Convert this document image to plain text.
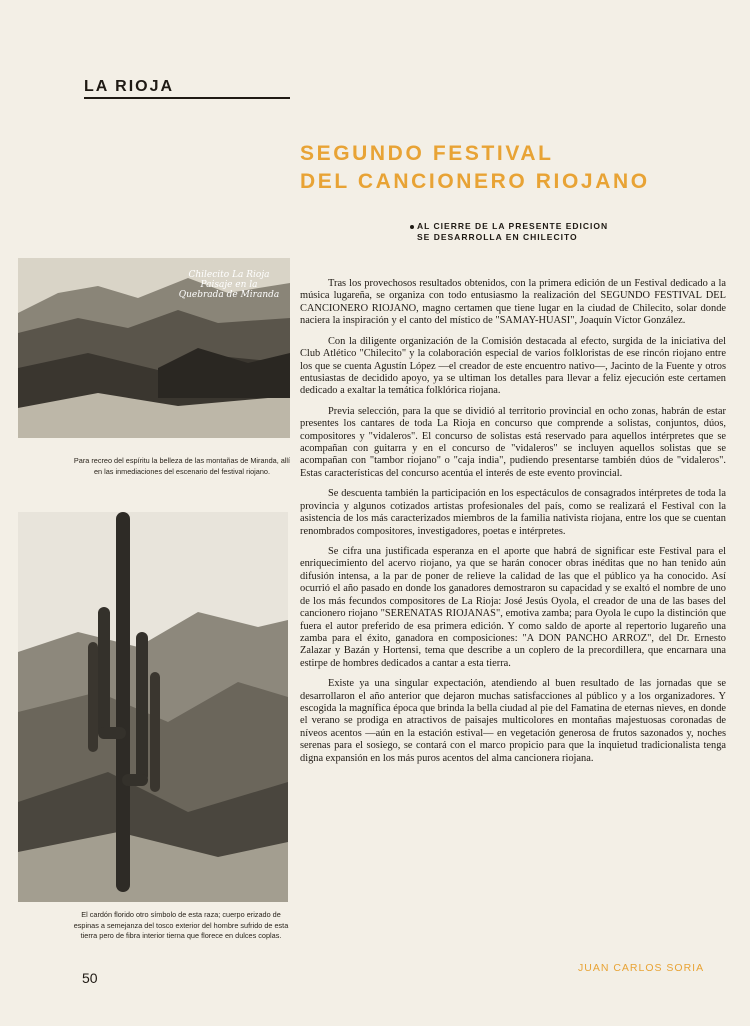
LA RIOJA
SEGUNDO FESTIVAL
DEL CANCIONERO RIOJANO
AL CIERRE DE LA PRESENTE EDICION
SE DESARROLLA EN CHILECITO
Chilecito La Rioja
Paisaje en la
Quebrada de Miranda
Para recreo del espíritu la belleza de las montañas de Miranda, allí en las inmediaciones del escenario del festival riojano.
El cardón florido otro símbolo de esta raza; cuerpo erizado de espinas a semejanza del tosco exterior del hombre sufrido de esta tierra pero de fibra interior tierna que florece en dulces coplas.

Tras los provechosos resultados obtenidos, con la primera edición de un Festival dedicado a la música lugareña, se organiza con todo entusiasmo la realización del SEGUNDO FESTIVAL DEL CANCIONERO RIOJANO, magno certamen que tiene lugar en la ciudad de Chilecito, solar donde naciera la inspiración y el canto del místico de "SAMAY-HUASI", Joaquín Víctor González.

Con la diligente organización de la Comisión destacada al efecto, surgida de la iniciativa del Club Atlético "Chilecito" y la colaboración especial de varios folkloristas de ese rincón riojano entre los que se cuenta Agustín López —el creador de este encuentro nativo—, Jacinto de la Fuente y otros entusiastas de decidido apoyo, ya se ultiman los detalles para llevar a feliz ejecución este certamen dedicado a exaltar la temática folklórica riojana.

Previa selección, para la que se dividió al territorio provincial en ocho zonas, habrán de estar presentes los cantares de toda La Rioja en concurso que comprende a solistas, conjuntos, dúos, compositores y "vidaleros". El concurso de solistas está reservado para aquellos intérpretes que se acompañan con guitarra y en el concurso de "vidaleros" se incluyen aquellos solistas que se acompañan con "tambor riojano" o "caja india", pudiendo presentarse también dúos de "vidaleros". Estas características del concurso acentúa el interés de este evento provincial.

Se descuenta también la participación en los espectáculos de consagrados intérpretes de toda la provincia y algunos cotizados artistas profesionales del país, como se realizará el Festival con la asistencia de los más caracterizados miembros de la familia nativista riojana, entre los que se cuentan renombrados compositores, investigadores, poetas e intérpretes.

Se cifra una justificada esperanza en el aporte que habrá de significar este Festival para el enriquecimiento del acervo riojano, ya que se harán conocer obras inéditas que no han tenido aún difusión intensa, a la par de poner de relieve la calidad de las que el público ya ha conocido. Así ocurrió el año pasado en donde los ganadores demostraron su capacidad y se exaltó el nombre de uno de los más fecundos compositores de La Rioja: José Jesús Oyola, el creador de una de las bases del cancionero riojano "SERENATAS RIOJANAS", emotiva zamba; para Oyola le cupo la distinción que fuera el autor preferido de esa primera edición. Y como saldo de aporte al repertorio lugareño una zamba para el éxito, ganadora en composiciones: "A DON PANCHO ARROZ", del Dr. Ernesto Zalazar y Bazán y Hortensi, tema que describe a un coplero de la precordillera, que encarnara una estirpe de hombres dedicados a cantar a esta tierra.

Existe ya una singular expectación, atendiendo al buen resultado de las jornadas que se desarrollaron el año anterior que dejaron muchas satisfacciones al público y a los organizadores. Y escogida la magnífica época que brinda la bella ciudad al pie del Famatina de eternas nieves, en donde el verano se prodiga en atractivos de paisajes multicolores en montañas majestuosas coronadas de níveos acentos —aún en la estación estival— en vegetación generosa de frutos sazonados y, noches serenas para el sosiego, se contará con el marco propicio para que la inquietud tradicionalista tenga digna expansión en los más puros acentos del alma cancionera riojana.

JUAN CARLOS SORIA
50
